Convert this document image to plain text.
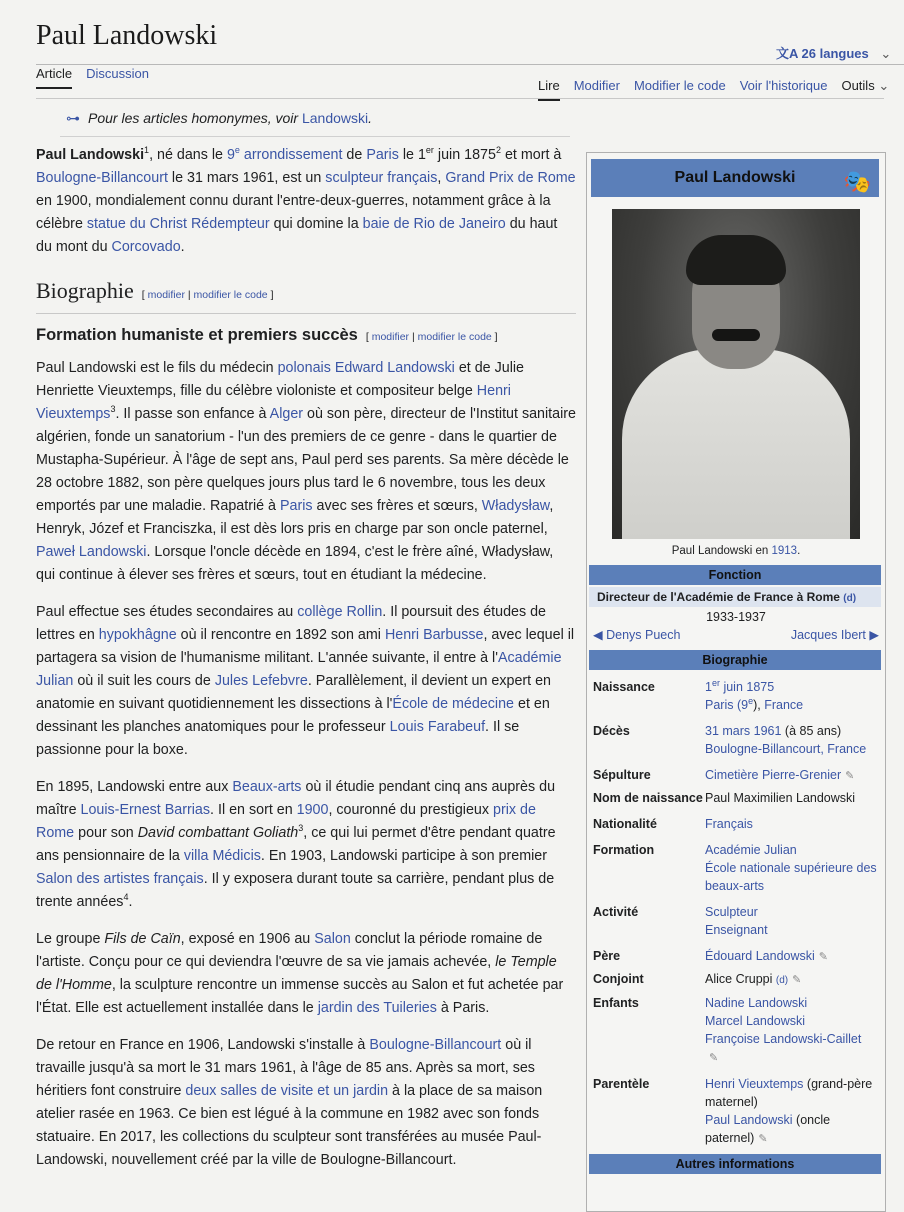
Paul Landowski
文A 26 langues ⌄
Article Discussion
Lire Modifier Modifier le code Voir l'historique Outils ⌄
⊶ Pour les articles homonymes, voir Landowski.

Paul Landowski$^1$, né dans le 9e arrondissement de Paris le 1er juin 1875$^2$ et mort à Boulogne-Billancourt le 31 mars 1961, est un sculpteur français, Grand Prix de Rome en 1900, mondialement connu durant l'entre-deux-guerres, notamment grâce à la célèbre statue du Christ Rédempteur qui domine la baie de Rio de Janeiro du haut du mont du Corcovado.

Biographie [ modifier | modifier le code ]
Formation humaniste et premiers succès [ modifier | modifier le code ]

Paul Landowski est le fils du médecin polonais Edward Landowski et de Julie Henriette Vieuxtemps, fille du célèbre violoniste et compositeur belge Henri Vieuxtemps$^3$. Il passe son enfance à Alger où son père, directeur de l'Institut sanitaire algérien, fonde un sanatorium - l'un des premiers de ce genre - dans le quartier de Mustapha-Supérieur. À l'âge de sept ans, Paul perd ses parents. Sa mère décède le 28 octobre 1882, son père quelques jours plus tard le 6 novembre, tous les deux emportés par une maladie. Rapatrié à Paris avec ses frères et sœurs, Władysław, Henryk, Józef et Franciszka, il est dès lors pris en charge par son oncle paternel, Paweł Landowski. Lorsque l'oncle décède en 1894, c'est le frère aîné, Władysław, qui continue à élever ses frères et sœurs, tout en étudiant la médecine.

Paul effectue ses études secondaires au collège Rollin. Il poursuit des études de lettres en hypokhâgne où il rencontre en 1892 son ami Henri Barbusse, avec lequel il partagera sa vision de l'humanisme militant. L'année suivante, il entre à l'Académie Julian où il suit les cours de Jules Lefebvre. Parallèlement, il devient un expert en anatomie en suivant quotidiennement les dissections à l'École de médecine et en dessinant les planches anatomiques pour le professeur Louis Farabeuf. Il se passionne pour la boxe.

En 1895, Landowski entre aux Beaux-arts où il étudie pendant cinq ans auprès du maître Louis-Ernest Barrias. Il en sort en 1900, couronné du prestigieux prix de Rome pour son David combattant Goliath$^3$, ce qui lui permet d'être pendant quatre ans pensionnaire de la villa Médicis. En 1903, Landowski participe à son premier Salon des artistes français. Il y exposera durant toute sa carrière, pendant plus de trente années$^4$.

Le groupe Fils de Caïn, exposé en 1906 au Salon conclut la période romaine de l'artiste. Conçu pour ce qui deviendra l'œuvre de sa vie jamais achevée, le Temple de l'Homme, la sculpture rencontre un immense succès au Salon et fut achetée par l'État. Elle est actuellement installée dans le jardin des Tuileries à Paris.

De retour en France en 1906, Landowski s'installe à Boulogne-Billancourt où il travaille jusqu'à sa mort le 31 mars 1961, à l'âge de 85 ans. Après sa mort, ses héritiers font construire deux salles de visite et un jardin à la place de sa maison atelier rasée en 1963. Ce bien est légué à la commune en 1982 avec son fonds statuaire. En 2017, les collections du sculpteur sont transférées au musée Paul-Landowski, nouvellement créé par la ville de Boulogne-Billancourt.

Paul Landowski 🎭
Paul Landowski en 1913.
Fonction
Directeur de l'Académie de France à Rome (d)
1933-1937
◀ Denys Puech	Jacques Ibert ▶
Biographie
Naissance	1er juin 1875
Paris (9e), France
Décès	31 mars 1961 (à 85 ans)
Boulogne-Billancourt, France
Sépulture	Cimetière Pierre-Grenier ✎
Nom de naissance Paul Maximilien Landowski
Nationalité	Français
Formation	Académie Julian
École nationale supérieure des beaux-arts
Activité	Sculpteur
Enseignant
Père	Édouard Landowski ✎
Conjoint	Alice Cruppi (d) ✎
Enfants	Nadine Landowski
Marcel Landowski
Françoise Landowski-Caillet
✎
Parentèle	Henri Vieuxtemps (grand-père maternel)
Paul Landowski (oncle paternel) ✎
Autres informations
